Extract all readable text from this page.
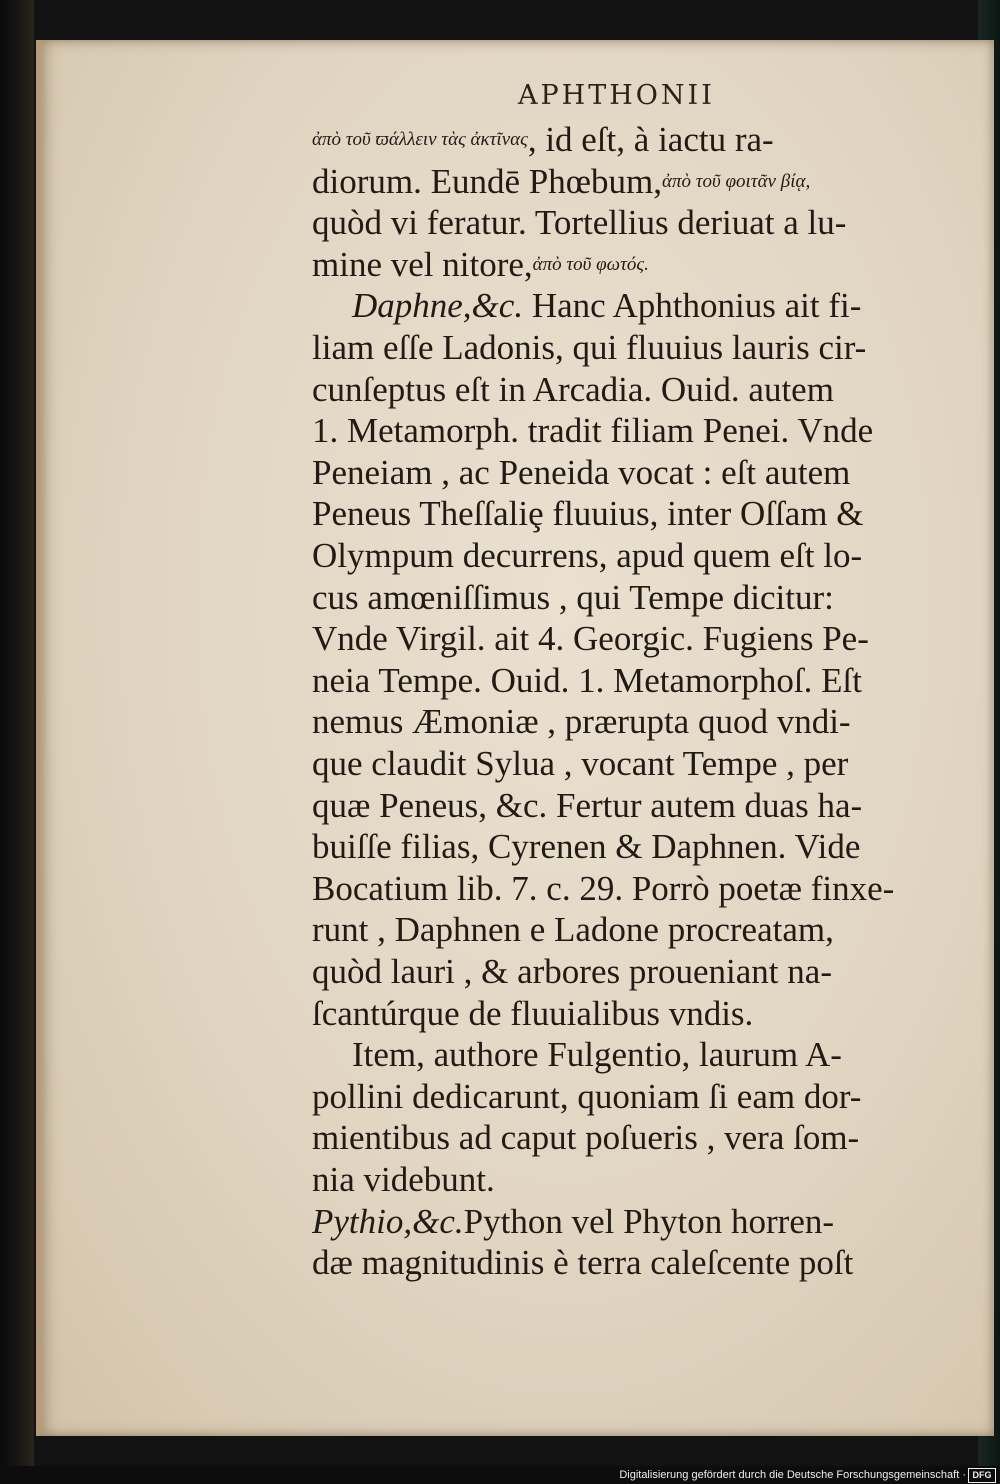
APHTHONII
ἀπὸ τοῦ ϖάλλειν τὰς ἀκτῖνας, id eſt, à iactu ra-
diorum. Eundē Phœbum,ἀπὸ τοῦ φοιτᾶν βίᾳ,
quòd vi feratur. Tortellius deriuat a lu-
mine vel nitore,ἀπὸ τοῦ φωτός.
Daphne,&c. Hanc Aphthonius ait fi-
liam eſſe Ladonis, qui fluuius lauris cir-
cunſeptus eſt in Arcadia. Ouid. autem
1. Metamorph. tradit filiam Penei. Vnde
Peneiam , ac Peneida vocat : eſt autem
Peneus Theſſaliȩ fluuius, inter Oſſam &
Olympum decurrens, apud quem eſt lo-
cus amœniſſimus , qui Tempe dicitur:
Vnde Virgil. ait 4. Georgic. Fugiens Pe-
neia Tempe. Ouid. 1. Metamorphoſ. Eſt
nemus Æmoniæ , prærupta quod vndi-
que claudit Sylua , vocant Tempe , per
quæ Peneus, &c. Fertur autem duas ha-
buiſſe filias, Cyrenen & Daphnen. Vide
Bocatium lib. 7. c. 29. Porrò poetæ finxe-
runt , Daphnen e Ladone procreatam,
quòd lauri , & arbores proueniant na-
ſcantúrque de fluuialibus vndis.
Item, authore Fulgentio, laurum A-
pollini dedicarunt, quoniam ſi eam dor-
mientibus ad caput poſueris , vera ſom-
nia videbunt.
Pythio,&c.Python vel Phyton horren-
dæ magnitudinis è terra caleſcente poſt
Digitalisierung gefördert durch die Deutsche Forschungsgemeinschaft · DFG
